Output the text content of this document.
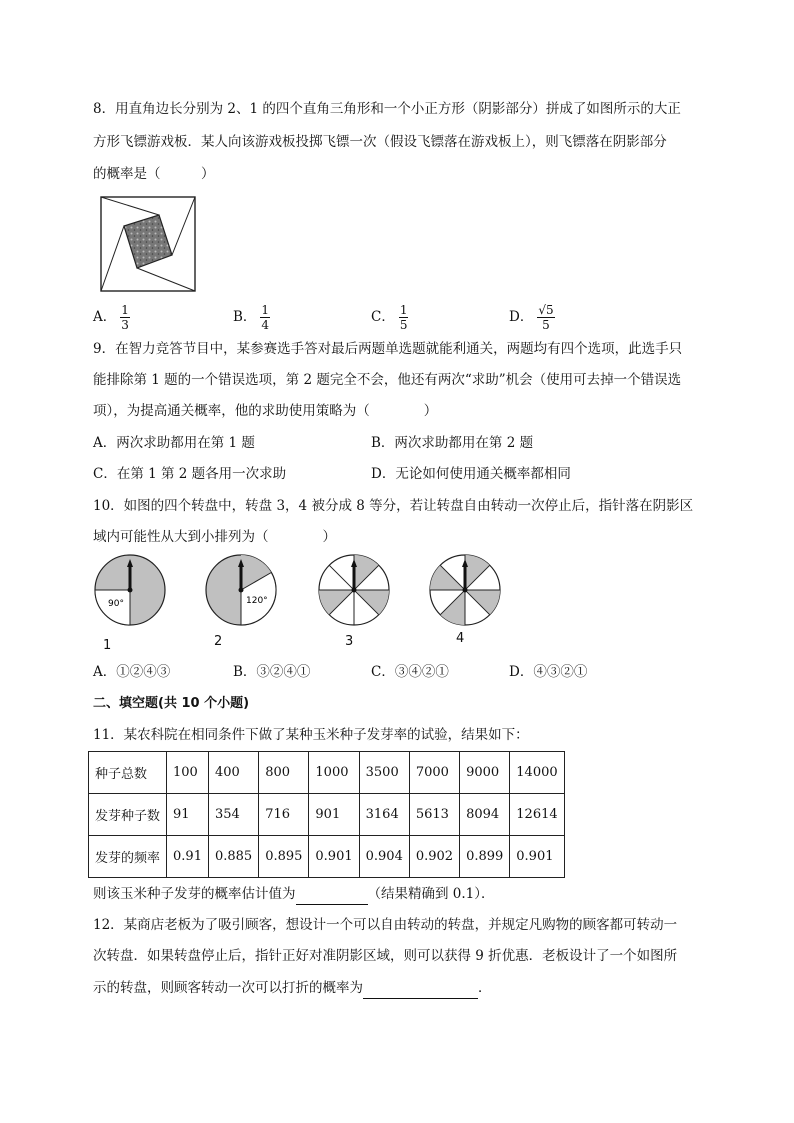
8．用直角边长分别为 2、1 的四个直角三角形和一个小正方形（阴影部分）拼成了如图所示的大正
方形飞镖游戏板．某人向该游戏板投掷飞镖一次（假设飞镖落在游戏板上），则飞镖落在阴影部分
的概率是（　　　）
A． $\frac{1}{3}$	B． $\frac{1}{4}$	C． $\frac{1}{5}$	D． $\frac{√5}{5}$
9．在智力竞答节目中，某参赛选手答对最后两题单选题就能利通关，两题均有四个选项，此选手只
能排除第 1 题的一个错误选项，第 2 题完全不会，他还有两次“求助”机会（使用可去掉一个错误选
项），为提高通关概率，他的求助使用策略为（　　　　）
A．两次求助都用在第 1 题	B．两次求助都用在第 2 题
C．在第 1 第 2 题各用一次求助	D．无论如何使用通关概率都相同
10．如图的四个转盘中，转盘 3，4 被分成 8 等分，若让转盘自由转动一次停止后，指针落在阴影区
域内可能性从大到小排列为（　　　　）
90°
1
120°
2	3	4
A．①②④③	B．③②④①	C．③④②①	D．④③②①
二、填空题(共 10 个小题)
11．某农科院在相同条件下做了某种玉米种子发芽率的试验，结果如下：
种子总数	100	400	800	1000	3500	7000	9000	14000
发芽种子数	91	354	716	901	3164	5613	8094	12614
发芽的频率	0.91	0.885	0.895	0.901	0.904	0.902	0.899	0.901
则该玉米种子发芽的概率估计值为	（结果精确到 0.1）．
12．某商店老板为了吸引顾客，想设计一个可以自由转动的转盘，并规定凡购物的顾客都可转动一
次转盘．如果转盘停止后，指针正好对准阴影区域，则可以获得 9 折优惠．老板设计了一个如图所
示的转盘，则顾客转动一次可以打折的概率为	．
